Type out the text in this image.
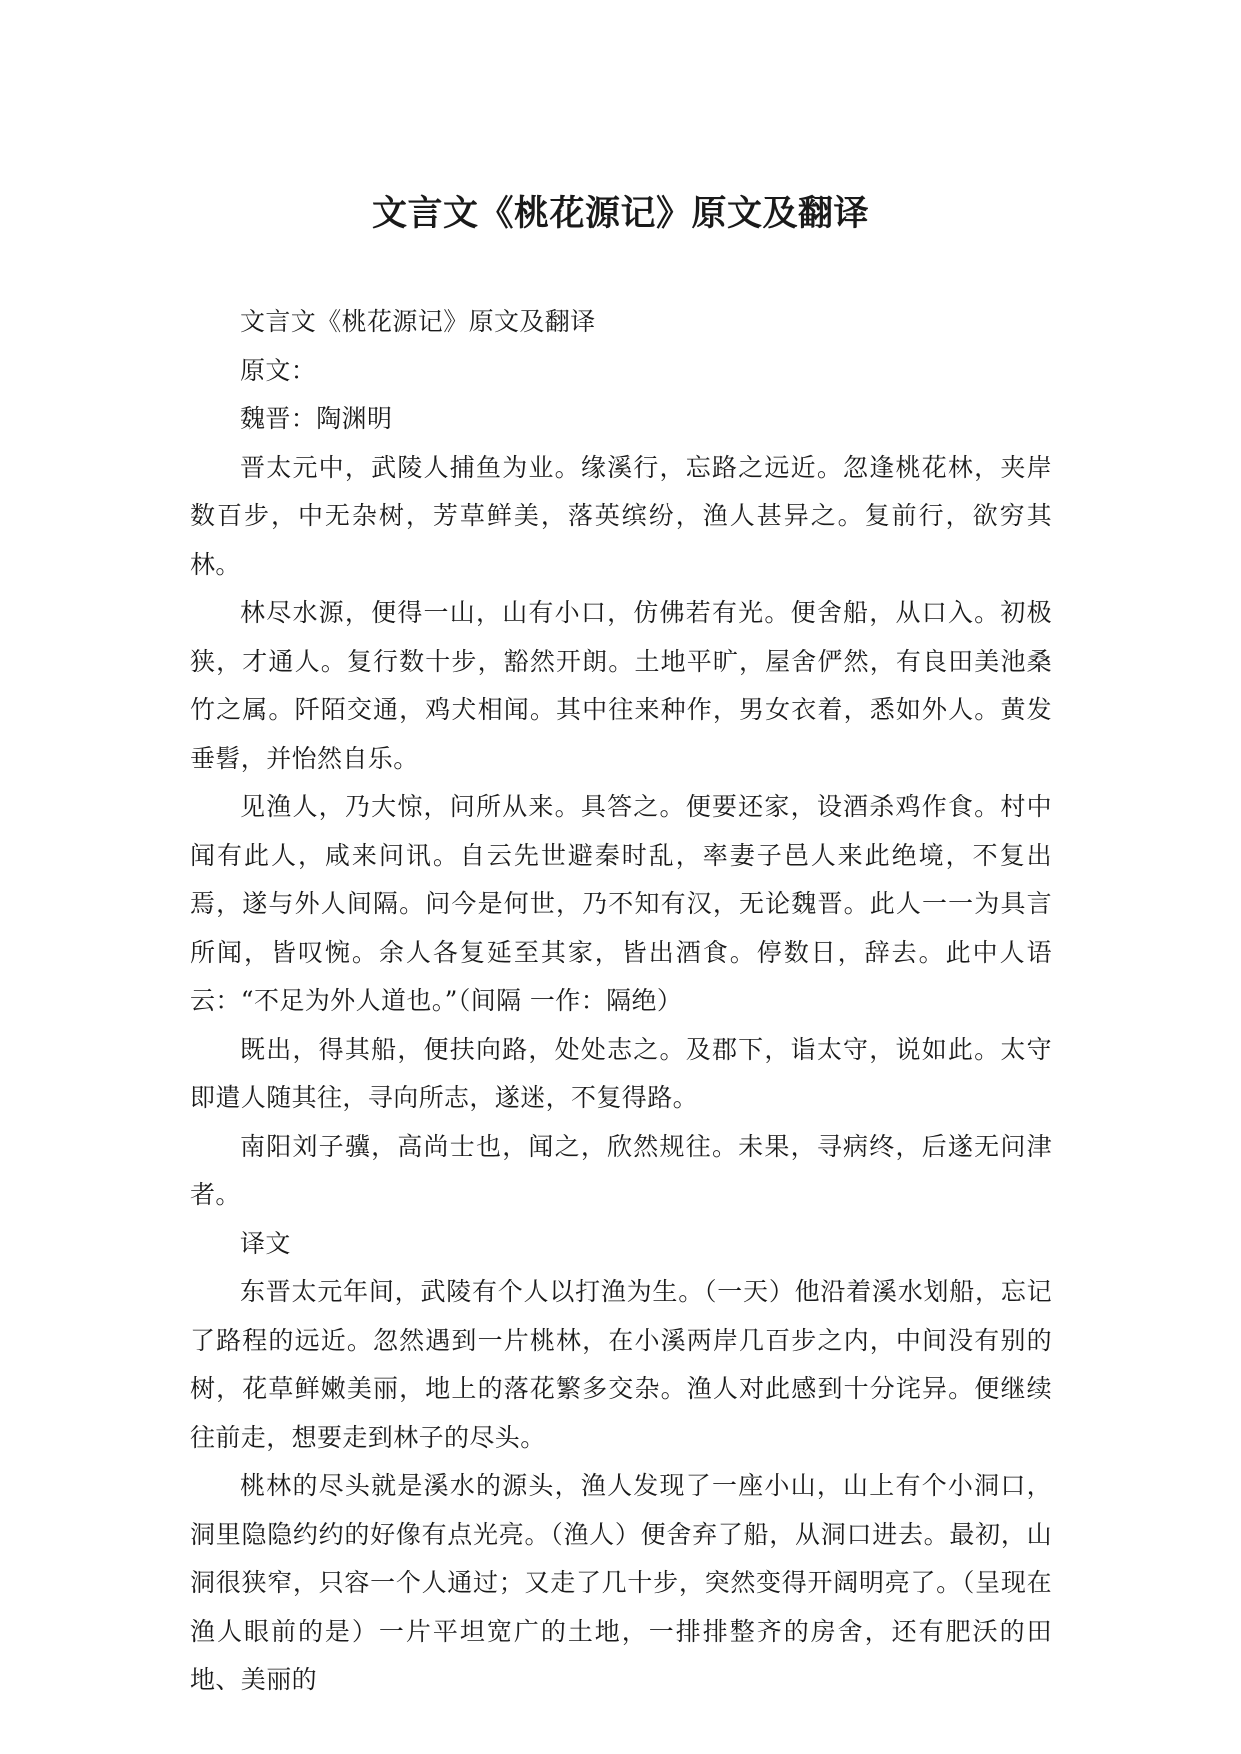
文言文《桃花源记》原文及翻译

文言文《桃花源记》原文及翻译

原文：

魏晋：陶渊明

晋太元中，武陵人捕鱼为业。缘溪行，忘路之远近。忽逢桃花林，夹岸数百步，中无杂树，芳草鲜美，落英缤纷，渔人甚异之。复前行，欲穷其林。

林尽水源，便得一山，山有小口，仿佛若有光。便舍船，从口入。初极狭，才通人。复行数十步，豁然开朗。土地平旷，屋舍俨然，有良田美池桑竹之属。阡陌交通，鸡犬相闻。其中往来种作，男女衣着，悉如外人。黄发垂髫，并怡然自乐。

见渔人，乃大惊，问所从来。具答之。便要还家，设酒杀鸡作食。村中闻有此人，咸来问讯。自云先世避秦时乱，率妻子邑人来此绝境，不复出焉，遂与外人间隔。问今是何世，乃不知有汉，无论魏晋。此人一一为具言所闻，皆叹惋。余人各复延至其家，皆出酒食。停数日，辞去。此中人语云：“不足为外人道也。”（间隔 一作：隔绝）

既出，得其船，便扶向路，处处志之。及郡下，诣太守，说如此。太守即遣人随其往，寻向所志，遂迷，不复得路。

南阳刘子骥，高尚士也，闻之，欣然规往。未果，寻病终，后遂无问津者。

译文

东晋太元年间，武陵有个人以打渔为生。（一天）他沿着溪水划船，忘记了路程的远近。忽然遇到一片桃林，在小溪两岸几百步之内，中间没有别的树，花草鲜嫩美丽，地上的落花繁多交杂。渔人对此感到十分诧异。便继续往前走，想要走到林子的尽头。

桃林的尽头就是溪水的源头，渔人发现了一座小山，山上有个小洞口，洞里隐隐约约的好像有点光亮。（渔人）便舍弃了船，从洞口进去。最初，山洞很狭窄，只容一个人通过；又走了几十步，突然变得开阔明亮了。（呈现在渔人眼前的是）一片平坦宽广的土地，一排排整齐的房舍，还有肥沃的田地、美丽的
